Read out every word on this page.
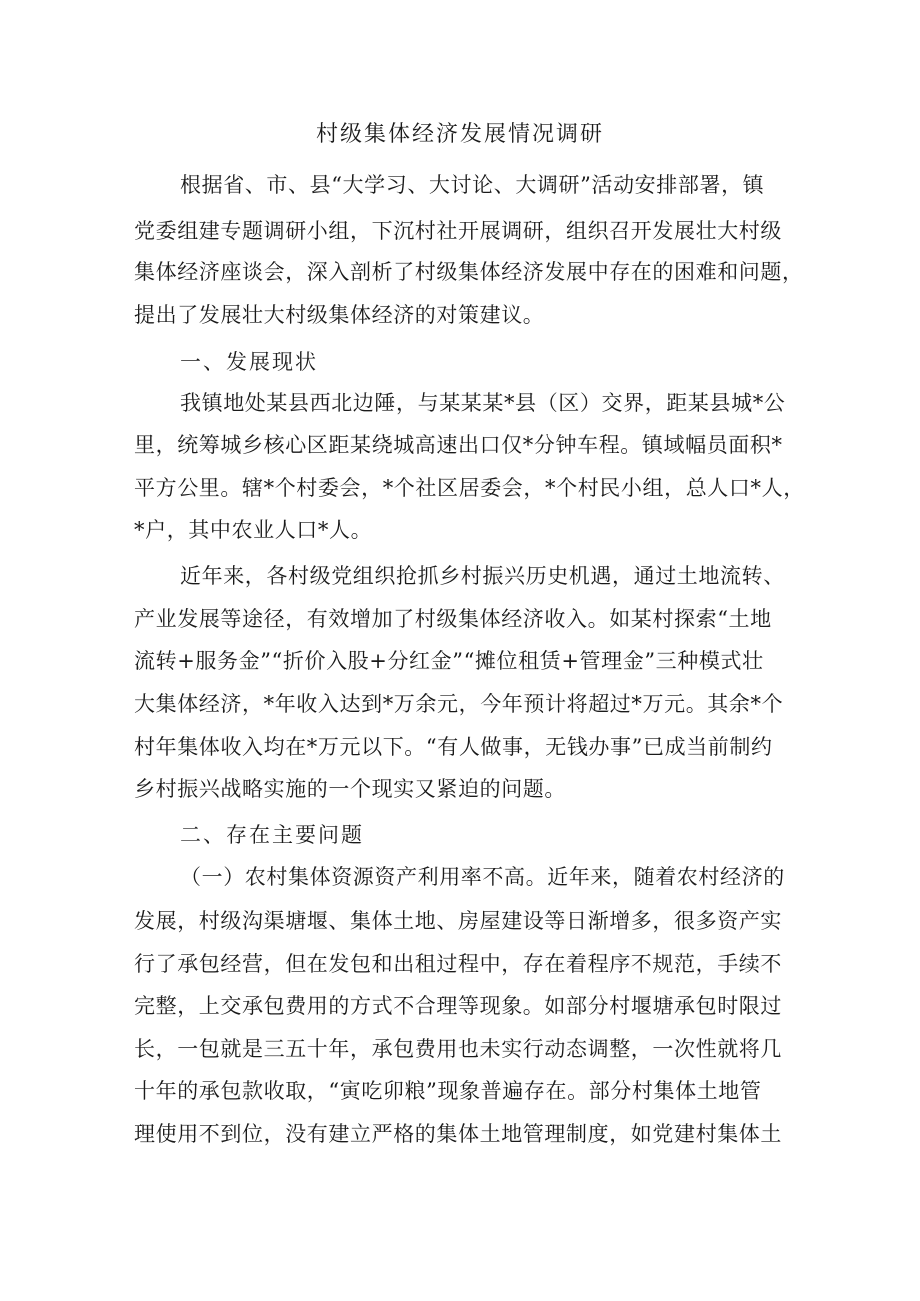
村级集体经济发展情况调研
根据省、市、县“大学习、大讨论、大调研”活动安排部署，镇
党委组建专题调研小组，下沉村社开展调研，组织召开发展壮大村级
集体经济座谈会，深入剖析了村级集体经济发展中存在的困难和问题，
提出了发展壮大村级集体经济的对策建议。
一、发展现状
我镇地处某县西北边陲，与某某某*县（区）交界，距某县城*公
里，统筹城乡核心区距某绕城高速出口仅*分钟车程。镇域幅员面积*
平方公里。辖*个村委会，*个社区居委会，*个村民小组，总人口*人，
*户，其中农业人口*人。
近年来，各村级党组织抢抓乡村振兴历史机遇，通过土地流转、
产业发展等途径，有效增加了村级集体经济收入。如某村探索“土地
流转+服务金”“折价入股+分红金”“摊位租赁+管理金”三种模式壮
大集体经济，*年收入达到*万余元，今年预计将超过*万元。其余*个
村年集体收入均在*万元以下。“有人做事，无钱办事”已成当前制约
乡村振兴战略实施的一个现实又紧迫的问题。
二、存在主要问题
（一）农村集体资源资产利用率不高。近年来，随着农村经济的
发展，村级沟渠塘堰、集体土地、房屋建设等日渐增多，很多资产实
行了承包经营，但在发包和出租过程中，存在着程序不规范，手续不
完整，上交承包费用的方式不合理等现象。如部分村堰塘承包时限过
长，一包就是三五十年，承包费用也未实行动态调整，一次性就将几
十年的承包款收取，“寅吃卯粮”现象普遍存在。部分村集体土地管
理使用不到位，没有建立严格的集体土地管理制度，如党建村集体土
